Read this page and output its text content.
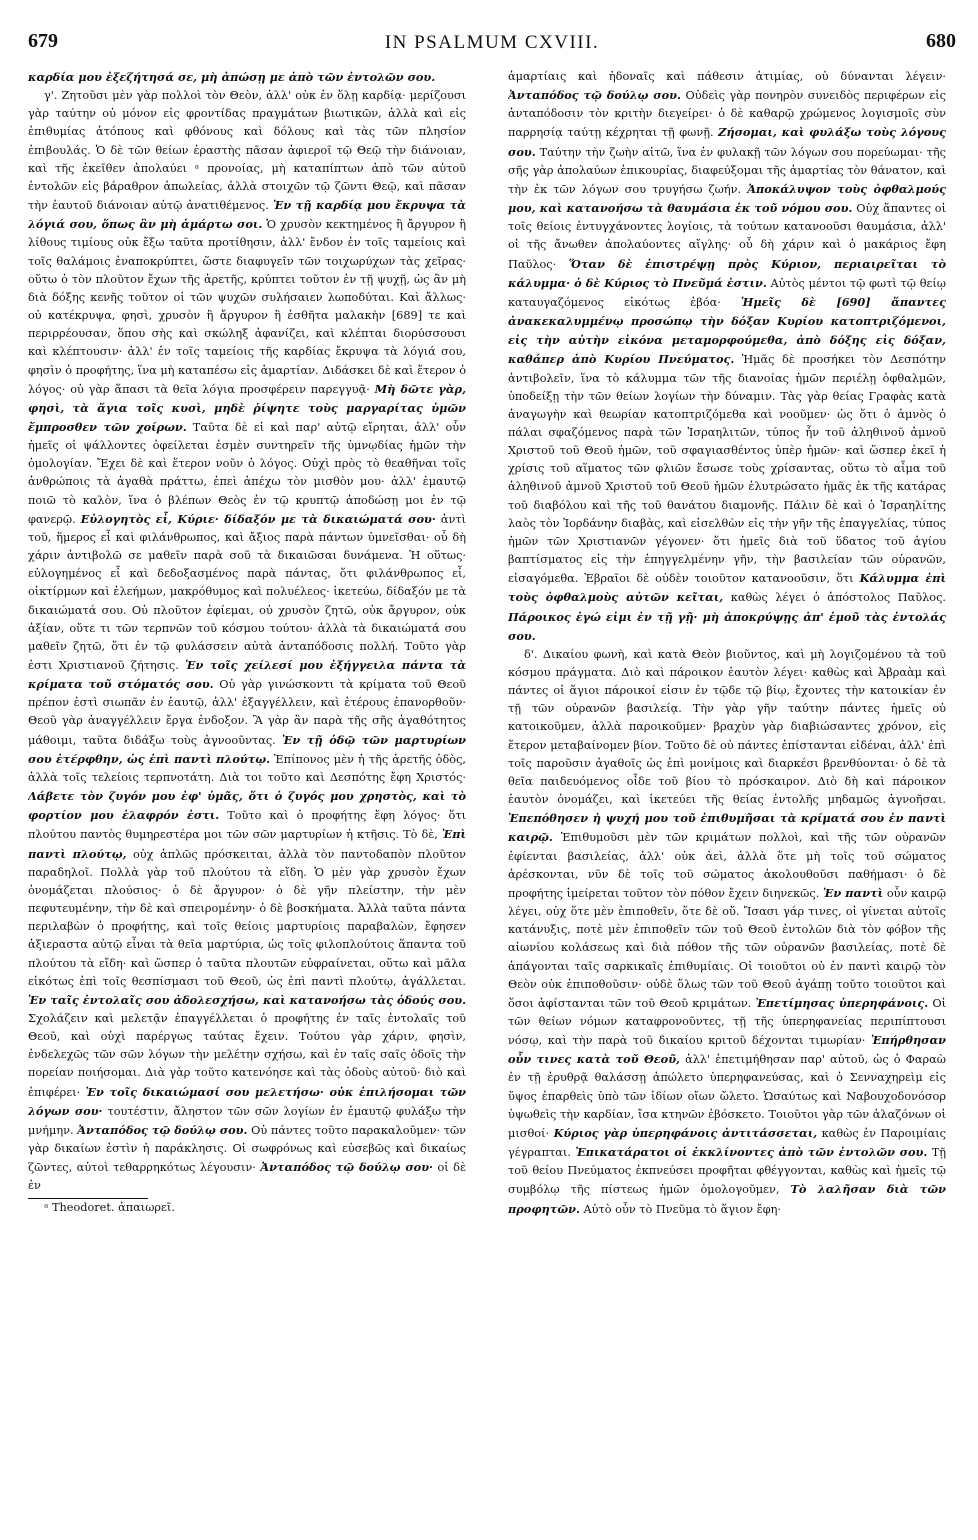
679	IN PSALMUM CXVIII.	680

καρδία μου ἐξεζήτησά σε, μὴ ἀπώσῃ με ἀπὸ τῶν ἐντολῶν σου.

γ'. Ζητοῦσι μὲν γὰρ πολλοὶ τὸν Θεὸν, ἀλλ' οὐκ ἐν ὅλῃ καρδίᾳ· μερίζουσι γὰρ ταύτην οὐ μόνον εἰς φροντίδας πραγμάτων βιωτικῶν, ἀλλὰ καὶ εἰς ἐπιθυμίας ἀτόπους καὶ φθόνους καὶ δόλους καὶ τὰς τῶν πλησίον ἐπιβουλάς. Ὁ δὲ τῶν θείων ἐραστὴς πᾶσαν ἀφιεροῖ τῷ Θεῷ τὴν διάνοιαν, καὶ τῆς ἐκεῖθεν ἀπολαύει ᵃ προνοίας, μὴ καταπίπτων ἀπὸ τῶν αὐτοῦ ἐντολῶν εἰς βάραθρον ἀπωλείας, ἀλλὰ στοιχῶν τῷ ζῶντι Θεῷ, καὶ πᾶσαν τὴν ἑαυτοῦ διάνοιαν αὐτῷ ἀνατιθέμενος. Ἐν τῇ καρδίᾳ μου ἔκρυψα τὰ λόγιά σου, ὅπως ἂν μὴ ἁμάρτω σοι. Ὁ χρυσὸν κεκτημένος ἢ ἄργυρον ἢ λίθους τιμίους οὐκ ἔξω ταῦτα προτίθησιν, ἀλλ' ἔνδον ἐν τοῖς ταμείοις καὶ τοῖς θαλάμοις ἐναποκρύπτει, ὥστε διαφυγεῖν τῶν τοιχωρύχων τὰς χεῖρας· οὕτω ὁ τὸν πλοῦτον ἔχων τῆς ἀρετῆς, κρύπτει τοῦτον ἐν τῇ ψυχῇ, ὡς ἂν μὴ διὰ δόξης κενῆς τοῦτον οἱ τῶν ψυχῶν συλήσαιεν λωποδύται. Καὶ ἄλλως· οὐ κατέκρυψα, φησὶ, χρυσὸν ἢ ἄργυρον ἢ ἐσθῆτα μαλακὴν [689] τε καὶ περιρρέουσαν, ὅπου σὴς καὶ σκώληξ ἀφανίζει, καὶ κλέπται διορύσσουσι καὶ κλέπτουσιν· ἀλλ' ἐν τοῖς ταμείοις τῆς καρδίας ἔκρυψα τὰ λόγιά σου, φησὶν ὁ προφήτης, ἵνα μὴ καταπέσω εἰς ἁμαρτίαν. Διδάσκει δὲ καὶ ἕτερον ὁ λόγος· οὐ γὰρ ἅπασι τὰ θεῖα λόγια προσφέρειν παρεγγυᾷ· Μὴ δῶτε γὰρ, φησὶ, τὰ ἅγια τοῖς κυσὶ, μηδὲ ῥίψητε τοὺς μαργαρίτας ὑμῶν ἔμπροσθεν τῶν χοίρων. Ταῦτα δὲ εἰ καὶ παρ' αὐτῷ εἴρηται, ἀλλ' οὖν ἡμεῖς οἱ ψάλλοντες ὀφείλεται ἐσμὲν συντηρεῖν τῆς ὑμνῳδίας ἡμῶν τὴν ὁμολογίαν. Ἔχει δὲ καὶ ἕτερον νοῦν ὁ λόγος. Οὐχὶ πρὸς τὸ θεαθῆναι τοῖς ἀνθρώποις τὰ ἀγαθὰ πράττω, ἐπεὶ ἀπέχω τὸν μισθὸν μου· ἀλλ' ἐμαυτῷ ποιῶ τὸ καλὸν, ἵνα ὁ βλέπων Θεὸς ἐν τῷ κρυπτῷ ἀποδώσῃ μοι ἐν τῷ φανερῷ. Εὐλογητὸς εἶ, Κύριε· δίδαξόν με τὰ δικαιώματά σου· ἀντὶ τοῦ, ἥμερος εἶ καὶ φιλάνθρωπος, καὶ ἄξιος παρὰ πάντων ὑμνεῖσθαι· οὗ δὴ χάριν ἀντιβολῶ σε μαθεῖν παρὰ σοῦ τὰ δικαιῶσαι δυνάμενα. Ἡ οὕτως· εὐλογημένος εἶ καὶ δεδοξασμένος παρὰ πάντας, ὅτι φιλάνθρωπος εἶ, οἰκτίρμων καὶ ἐλεήμων, μακρόθυμος καὶ πολυέλεος· ἱκετεύω, δίδαξόν με τὰ δικαιώματά σου. Οὐ πλοῦτον ἐφίεμαι, οὐ χρυσὸν ζητῶ, οὐκ ἄργυρον, οὐκ ἀξίαν, οὔτε τι τῶν τερπνῶν τοῦ κόσμου τούτου· ἀλλὰ τὰ δικαιώματά σου μαθεῖν ζητῶ, ὅτι ἐν τῷ φυλάσσειν αὐτὰ ἀνταπόδοσις πολλή. Τοῦτο γὰρ ἐστι Χριστιανοῦ ζήτησις. Ἐν τοῖς χείλεσί μου ἐξήγγειλα πάντα τὰ κρίματα τοῦ στόματός σου. Οὐ γὰρ γινώσκοντι τὰ κρίματα τοῦ Θεοῦ πρέπον ἐστὶ σιωπᾶν ἐν ἑαυτῷ, ἀλλ' ἐξαγγέλλειν, καὶ ἑτέρους ἐπανορθοῦν· Θεοῦ γὰρ ἀναγγέλλειν ἔργα ἐνδοξον. Ἃ γὰρ ἂν παρὰ τῆς σῆς ἀγαθότητος μάθοιμι, ταῦτα διδάξω τοὺς ἀγνοοῦντας. Ἐν τῇ ὁδῷ τῶν μαρτυρίων σου ἐτέρφθην, ὡς ἐπὶ παντὶ πλούτῳ. Ἐπίπονος μὲν ἡ τῆς ἀρετῆς ὁδὸς, ἀλλὰ τοῖς τελείοις τερπνοτάτη. Διὰ τοι τοῦτο καὶ Δεσπότης ἔφη Χριστός· Λάβετε τὸν ζυγόν μου ἐφ' ὑμᾶς, ὅτι ὁ ζυγός μου χρηστὸς, καὶ τὸ φορτίον μου ἐλαφρόν ἐστι. Τοῦτο καὶ ὁ προφήτης ἔφη λόγος· ὅτι πλούτου παντὸς θυμηρεστέρα μοι τῶν σῶν μαρτυρίων ἡ κτῆσις. Τὸ δὲ, Ἐπὶ παντὶ πλούτῳ, οὐχ ἁπλῶς πρόσκειται, ἀλλὰ τὸν παντοδαπὸν πλοῦτον παραδηλοῖ. Πολλὰ γὰρ τοῦ πλούτου τὰ εἴδη. Ὁ μὲν γὰρ χρυσὸν ἔχων ὀνομάζεται πλούσιος· ὁ δὲ ἄργυρον· ὁ δὲ γῆν πλείστην, τὴν μὲν πεφυτευμένην, τὴν δὲ καὶ σπειρομένην· ὁ δὲ βοσκήματα. Ἀλλὰ ταῦτα πάντα περιλαβὼν ὁ προφήτης, καὶ τοῖς θείοις μαρτυρίοις παραβαλὼν, ἔφησεν ἀξιεραστα αὐτῷ εἶναι τὰ θεῖα μαρτύρια, ὡς τοῖς φιλοπλούτοις ἅπαντα τοῦ πλούτου τὰ εἴδη· καὶ ὥσπερ ὁ ταῦτα πλουτῶν εὐφραίνεται, οὕτω καὶ μᾶλα εἰκότως ἐπὶ τοῖς θεσπίσμασι τοῦ Θεοῦ, ὡς ἐπὶ παντὶ πλούτῳ, ἀγάλλεται. Ἐν ταῖς ἐντολαῖς σου ἀδολεσχήσω, καὶ κατανοήσω τὰς ὁδούς σου. Σχολάζειν καὶ μελετᾷν ἐπαγγέλλεται ὁ προφήτης ἐν ταῖς ἐντολαῖς τοῦ Θεοῦ, καὶ οὐχὶ παρέργως ταύτας ἔχειν. Τούτου γὰρ χάριν, φησὶν, ἐνδελεχῶς τῶν σῶν λόγων τὴν μελέτην σχήσω, καὶ ἐν ταῖς σαῖς ὁδοῖς τὴν πορείαν ποιήσομαι. Διὰ γὰρ τοῦτο κατενόησε καὶ τὰς ὁδοὺς αὐτοῦ· διὸ καὶ ἐπιφέρει· Ἐν τοῖς δικαιώμασί σου μελετήσω· οὐκ ἐπιλήσομαι τῶν λόγων σου· τουτέστιν, ἄληστον τῶν σῶν λογίων ἐν ἐμαυτῷ φυλάξω τὴν μνήμην. Ἀνταπόδος τῷ δούλῳ σου. Οὐ πάντες τοῦτο παρακαλοῦμεν· τῶν γὰρ δικαίων ἐστὶν ἡ παράκλησις. Οἱ σωφρόνως καὶ εὐσεβῶς καὶ δικαίως ζῶντες, αὐτοὶ τεθαρρηκότως λέγουσιν· Ἀνταπόδος τῷ δούλῳ σου· οἱ δὲ ἐν

ᵃ Theodoret. ἀπαιωρεῖ.

ἁμαρτίαις καὶ ἡδοναῖς καὶ πάθεσιν ἀτιμίας, οὐ δύνανται λέγειν· Ἀνταπόδος τῷ δούλῳ σου. Οὐδεὶς γὰρ πονηρὸν συνειδὸς περιφέρων εἰς ἀνταπόδοσιν τὸν κριτὴν διεγείρει· ὁ δὲ καθαρῷ χρώμενος λογισμοῖς σὺν παρρησίᾳ ταύτῃ κέχρηται τῇ φωνῇ. Ζήσομαι, καὶ φυλάξω τοὺς λόγους σου. Ταύτην τὴν ζωὴν αἰτῶ, ἵνα ἐν φυλακῇ τῶν λόγων σου πορεύωμαι· τῆς σῆς γὰρ ἀπολαύων ἐπικουρίας, διαφεύξομαι τῆς ἁμαρτίας τὸν θάνατον, καὶ τὴν ἐκ τῶν λόγων σου τρυγήσω ζωήν. Ἀποκάλυψον τοὺς ὀφθαλμούς μου, καὶ κατανοήσω τὰ θαυμάσια ἐκ τοῦ νόμου σου. Οὐχ ἅπαντες οἱ τοῖς θείοις ἐντυγχάνοντες λογίοις, τὰ τούτων κατανοοῦσι θαυμάσια, ἀλλ' οἱ τῆς ἄνωθεν ἀπολαύοντες αἴγλης· οὗ δὴ χάριν καὶ ὁ μακάριος ἔφη Παῦλος· Ὅταν δὲ ἐπιστρέψῃ πρὸς Κύριον, περιαιρεῖται τὸ κάλυμμα· ὁ δὲ Κύριος τὸ Πνεῦμά ἐστιν. Αὐτὸς μέντοι τῷ φωτὶ τῷ θείῳ καταυγαζόμενος εἰκότως ἐβόα· Ἡμεῖς δὲ [690] ἅπαντες ἀνακεκαλυμμένῳ προσώπῳ τὴν δόξαν Κυρίου κατοπτριζόμενοι, εἰς τὴν αὐτὴν εἰκόνα μεταμορφούμεθα, ἀπὸ δόξης εἰς δόξαν, καθάπερ ἀπὸ Κυρίου Πνεύματος. Ἡμᾶς δὲ προσήκει τὸν Δεσπότην ἀντιβολεῖν, ἵνα τὸ κάλυμμα τῶν τῆς διανοίας ἡμῶν περιέλῃ ὀφθαλμῶν, ὑποδείξῃ τὴν τῶν θείων λογίων τὴν δύναμιν. Τὰς γὰρ θείας Γραφὰς κατὰ ἀναγωγὴν καὶ θεωρίαν κατοπτριζόμεθα καὶ νοοῦμεν· ὡς ὅτι ὁ ἀμνὸς ὁ πάλαι σφαζόμενος παρὰ τῶν Ἰσραηλιτῶν, τύπος ἦν τοῦ ἀληθινοῦ ἀμνοῦ Χριστοῦ τοῦ Θεοῦ ἡμῶν, τοῦ σφαγιασθέντος ὑπὲρ ἡμῶν· καὶ ὥσπερ ἐκεῖ ἡ χρίσις τοῦ αἵματος τῶν φλιῶν ἔσωσε τοὺς χρίσαντας, οὕτω τὸ αἷμα τοῦ ἀληθινοῦ ἀμνοῦ Χριστοῦ τοῦ Θεοῦ ἡμῶν ἐλυτρώσατο ἡμᾶς ἐκ τῆς κατάρας τοῦ διαβόλου καὶ τῆς τοῦ θανάτου διαμονῆς. Πάλιν δὲ καὶ ὁ Ἰσραηλίτης λαὸς τὸν Ἰορδάνην διαβὰς, καὶ εἰσελθὼν εἰς τὴν γῆν τῆς ἐπαγγελίας, τύπος ἡμῶν τῶν Χριστιανῶν γέγονεν· ὅτι ἡμεῖς διὰ τοῦ ὕδατος τοῦ ἁγίου βαπτίσματος εἰς τὴν ἐπηγγελμένην γῆν, τὴν βασιλείαν τῶν οὐρανῶν, εἰσαγόμεθα. Ἑβραῖοι δὲ οὐδὲν τοιοῦτον κατανοοῦσιν, ὅτι Κάλυμμα ἐπὶ τοὺς ὀφθαλμοὺς αὐτῶν κεῖται, καθὼς λέγει ὁ ἀπόστολος Παῦλος. Πάροικος ἐγώ εἰμι ἐν τῇ γῇ· μὴ ἀποκρύψῃς ἀπ' ἐμοῦ τὰς ἐντολάς σου.

δ'. Δικαίου φωνὴ, καὶ κατὰ Θεὸν βιοῦντος, καὶ μὴ λογιζομένου τὰ τοῦ κόσμου πράγματα. Διὸ καὶ πάροικον ἑαυτὸν λέγει· καθὼς καὶ Ἀβραὰμ καὶ πάντες οἱ ἅγιοι πάροικοί εἰσιν ἐν τῷδε τῷ βίῳ, ἔχοντες τὴν κατοικίαν ἐν τῇ τῶν οὐρανῶν βασιλείᾳ. Τὴν γὰρ γῆν ταύτην πάντες ἡμεῖς οὐ κατοικοῦμεν, ἀλλὰ παροικοῦμεν· βραχὺν γὰρ διαβιώσαντες χρόνον, εἰς ἕτερον μεταβαίνομεν βίον. Τοῦτο δὲ οὐ πάντες ἐπίστανται εἰδέναι, ἀλλ' ἐπὶ τοῖς παροῦσιν ἀγαθοῖς ὡς ἐπὶ μονίμοις καὶ διαρκέσι βρενθύονται· ὁ δὲ τὰ θεῖα παιδευόμενος οἶδε τοῦ βίου τὸ πρόσκαιρον. Διὸ δὴ καὶ πάροικον ἑαυτὸν ὀνομάζει, καὶ ἱκετεύει τῆς θείας ἐντολῆς μηδαμῶς ἀγνοῆσαι. Ἐπεπόθησεν ἡ ψυχή μου τοῦ ἐπιθυμῆσαι τὰ κρίματά σου ἐν παντὶ καιρῷ. Ἐπιθυμοῦσι μὲν τῶν κριμάτων πολλοὶ, καὶ τῆς τῶν οὐρανῶν ἐφίενται βασιλείας, ἀλλ' οὐκ ἀεὶ, ἀλλὰ ὅτε μὴ τοῖς τοῦ σώματος ἀρέσκονται, νῦν δὲ τοῖς τοῦ σώματος ἀκολουθοῦσι παθήμασι· ὁ δὲ προφήτης ἱμείρεται τοῦτον τὸν πόθον ἔχειν διηνεκῶς. Ἐν παντὶ οὖν καιρῷ λέγει, οὐχ ὅτε μὲν ἐπιποθεῖν, ὅτε δὲ οὔ. Ἴσασι γάρ τινες, οἱ γίνεται αὐτοῖς κατάνυξις, ποτὲ μὲν ἐπιποθεῖν τῶν τοῦ Θεοῦ ἐντολῶν διὰ τὸν φόβον τῆς αἰωνίου κολάσεως καὶ διὰ πόθον τῆς τῶν οὐρανῶν βασιλείας, ποτὲ δὲ ἀπάγονται ταῖς σαρκικαῖς ἐπιθυμίαις. Οἱ τοιοῦτοι οὐ ἐν παντὶ καιρῷ τὸν Θεὸν οὐκ ἐπιποθοῦσιν· οὐδὲ ὅλως τῶν τοῦ Θεοῦ ἀγάπῃ τοῦτο τοιοῦτοι καὶ ὅσοι ἀφίστανται τῶν τοῦ Θεοῦ κριμάτων. Ἐπετίμησας ὑπερηφάνοις. Οἱ τῶν θείων νόμων καταφρονοῦντες, τῇ τῆς ὑπερηφανείας περιπίπτουσι νόσῳ, καὶ τὴν παρὰ τοῦ δικαίου κριτοῦ δέχονται τιμωρίαν· Ἐπήρθησαν οὖν τινες κατὰ τοῦ Θεοῦ, ἀλλ' ἐπετιμήθησαν παρ' αὐτοῦ, ὡς ὁ Φαραὼ ἐν τῇ ἐρυθρᾷ θαλάσσῃ ἀπώλετο ὑπερηφανεύσας, καὶ ὁ Σενναχηρεὶμ εἰς ὕψος ἐπαρθεὶς ὑπὸ τῶν ἰδίων οἴων ὤλετο. Ὡσαύτως καὶ Ναβουχοδονόσορ ὑψωθεὶς τὴν καρδίαν, ἴσα κτηνῶν ἐβόσκετο. Τοιοῦτοι γὰρ τῶν ἀλαζόνων οἱ μισθοί· Κύριος γὰρ ὑπερηφάνοις ἀντιτάσσεται, καθὼς ἐν Παροιμίαις γέγραπται. Ἐπικατάρατοι οἱ ἐκκλίνοντες ἀπὸ τῶν ἐντολῶν σου. Τῇ τοῦ θείου Πνεύματος ἐκπνεύσει προφῆται φθέγγονται, καθὼς καὶ ἡμεῖς τῷ συμβόλῳ τῆς πίστεως ἡμῶν ὁμολογοῦμεν, Τὸ λαλῆσαν διὰ τῶν προφητῶν. Αὐτὸ οὖν τὸ Πνεῦμα τὸ ἅγιον ἔφη·
